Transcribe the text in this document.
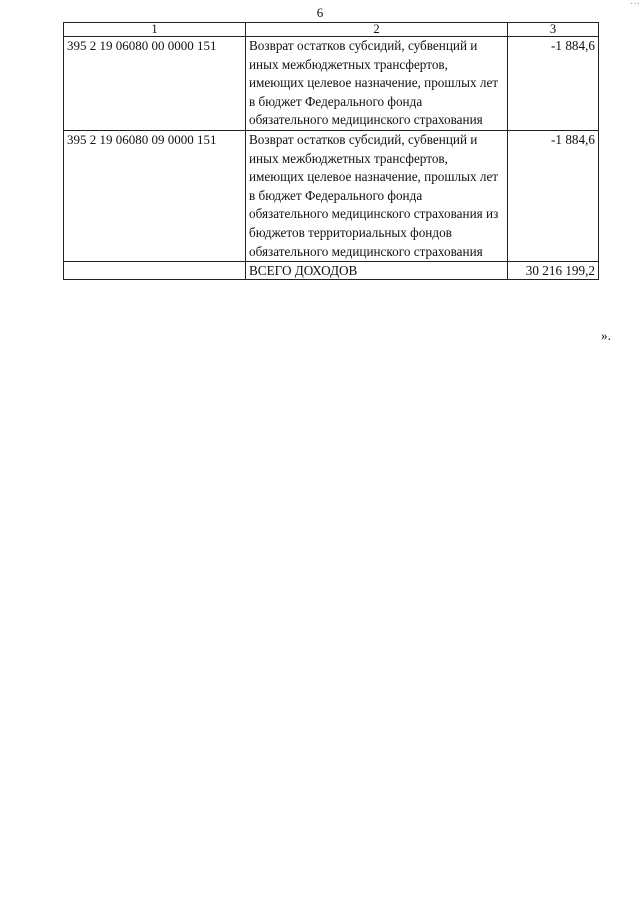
6
···
1	2	3
395 2 19 06080 00 0000 151	Возврат остатков субсидий, субвенций и иных межбюджетных трансфертов, имеющих целевое назначение, прошлых лет в бюджет Федерального фонда обязательного медицинского страхования	-1 884,6
395 2 19 06080 09 0000 151	Возврат остатков субсидий, субвенций и иных межбюджетных трансфертов, имеющих целевое назначение, прошлых лет в бюджет Федерального фонда обязательного медицинского страхования из бюджетов территориальных фондов обязательного медицинского страхования	-1 884,6
	ВСЕГО ДОХОДОВ	30 216 199,2
».
